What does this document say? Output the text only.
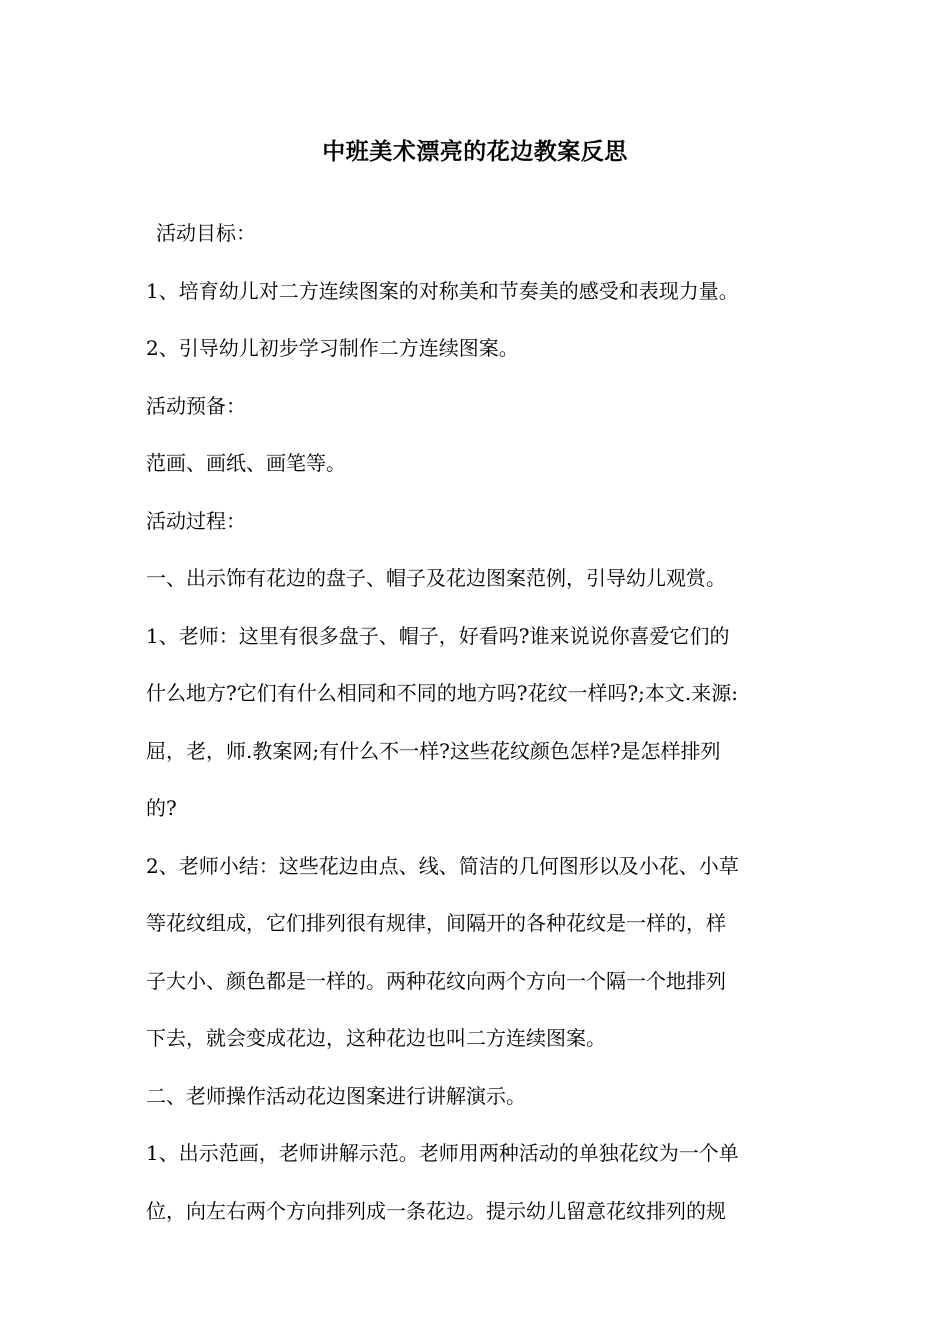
中班美术漂亮的花边教案反思

活动目标：

1、培育幼儿对二方连续图案的对称美和节奏美的感受和表现力量。

2、引导幼儿初步学习制作二方连续图案。

活动预备：

范画、画纸、画笔等。

活动过程：

一、出示饰有花边的盘子、帽子及花边图案范例，引导幼儿观赏。

1、老师：这里有很多盘子、帽子，好看吗?谁来说说你喜爱它们的

什么地方?它们有什么相同和不同的地方吗?花纹一样吗?;本文.来源:

屈，老，师.教案网;有什么不一样?这些花纹颜色怎样?是怎样排列

的?

2、老师小结：这些花边由点、线、简洁的几何图形以及小花、小草

等花纹组成，它们排列很有规律，间隔开的各种花纹是一样的，样

子大小、颜色都是一样的。两种花纹向两个方向一个隔一个地排列

下去，就会变成花边，这种花边也叫二方连续图案。

二、老师操作活动花边图案进行讲解演示。

1、出示范画，老师讲解示范。老师用两种活动的单独花纹为一个单

位，向左右两个方向排列成一条花边。提示幼儿留意花纹排列的规
